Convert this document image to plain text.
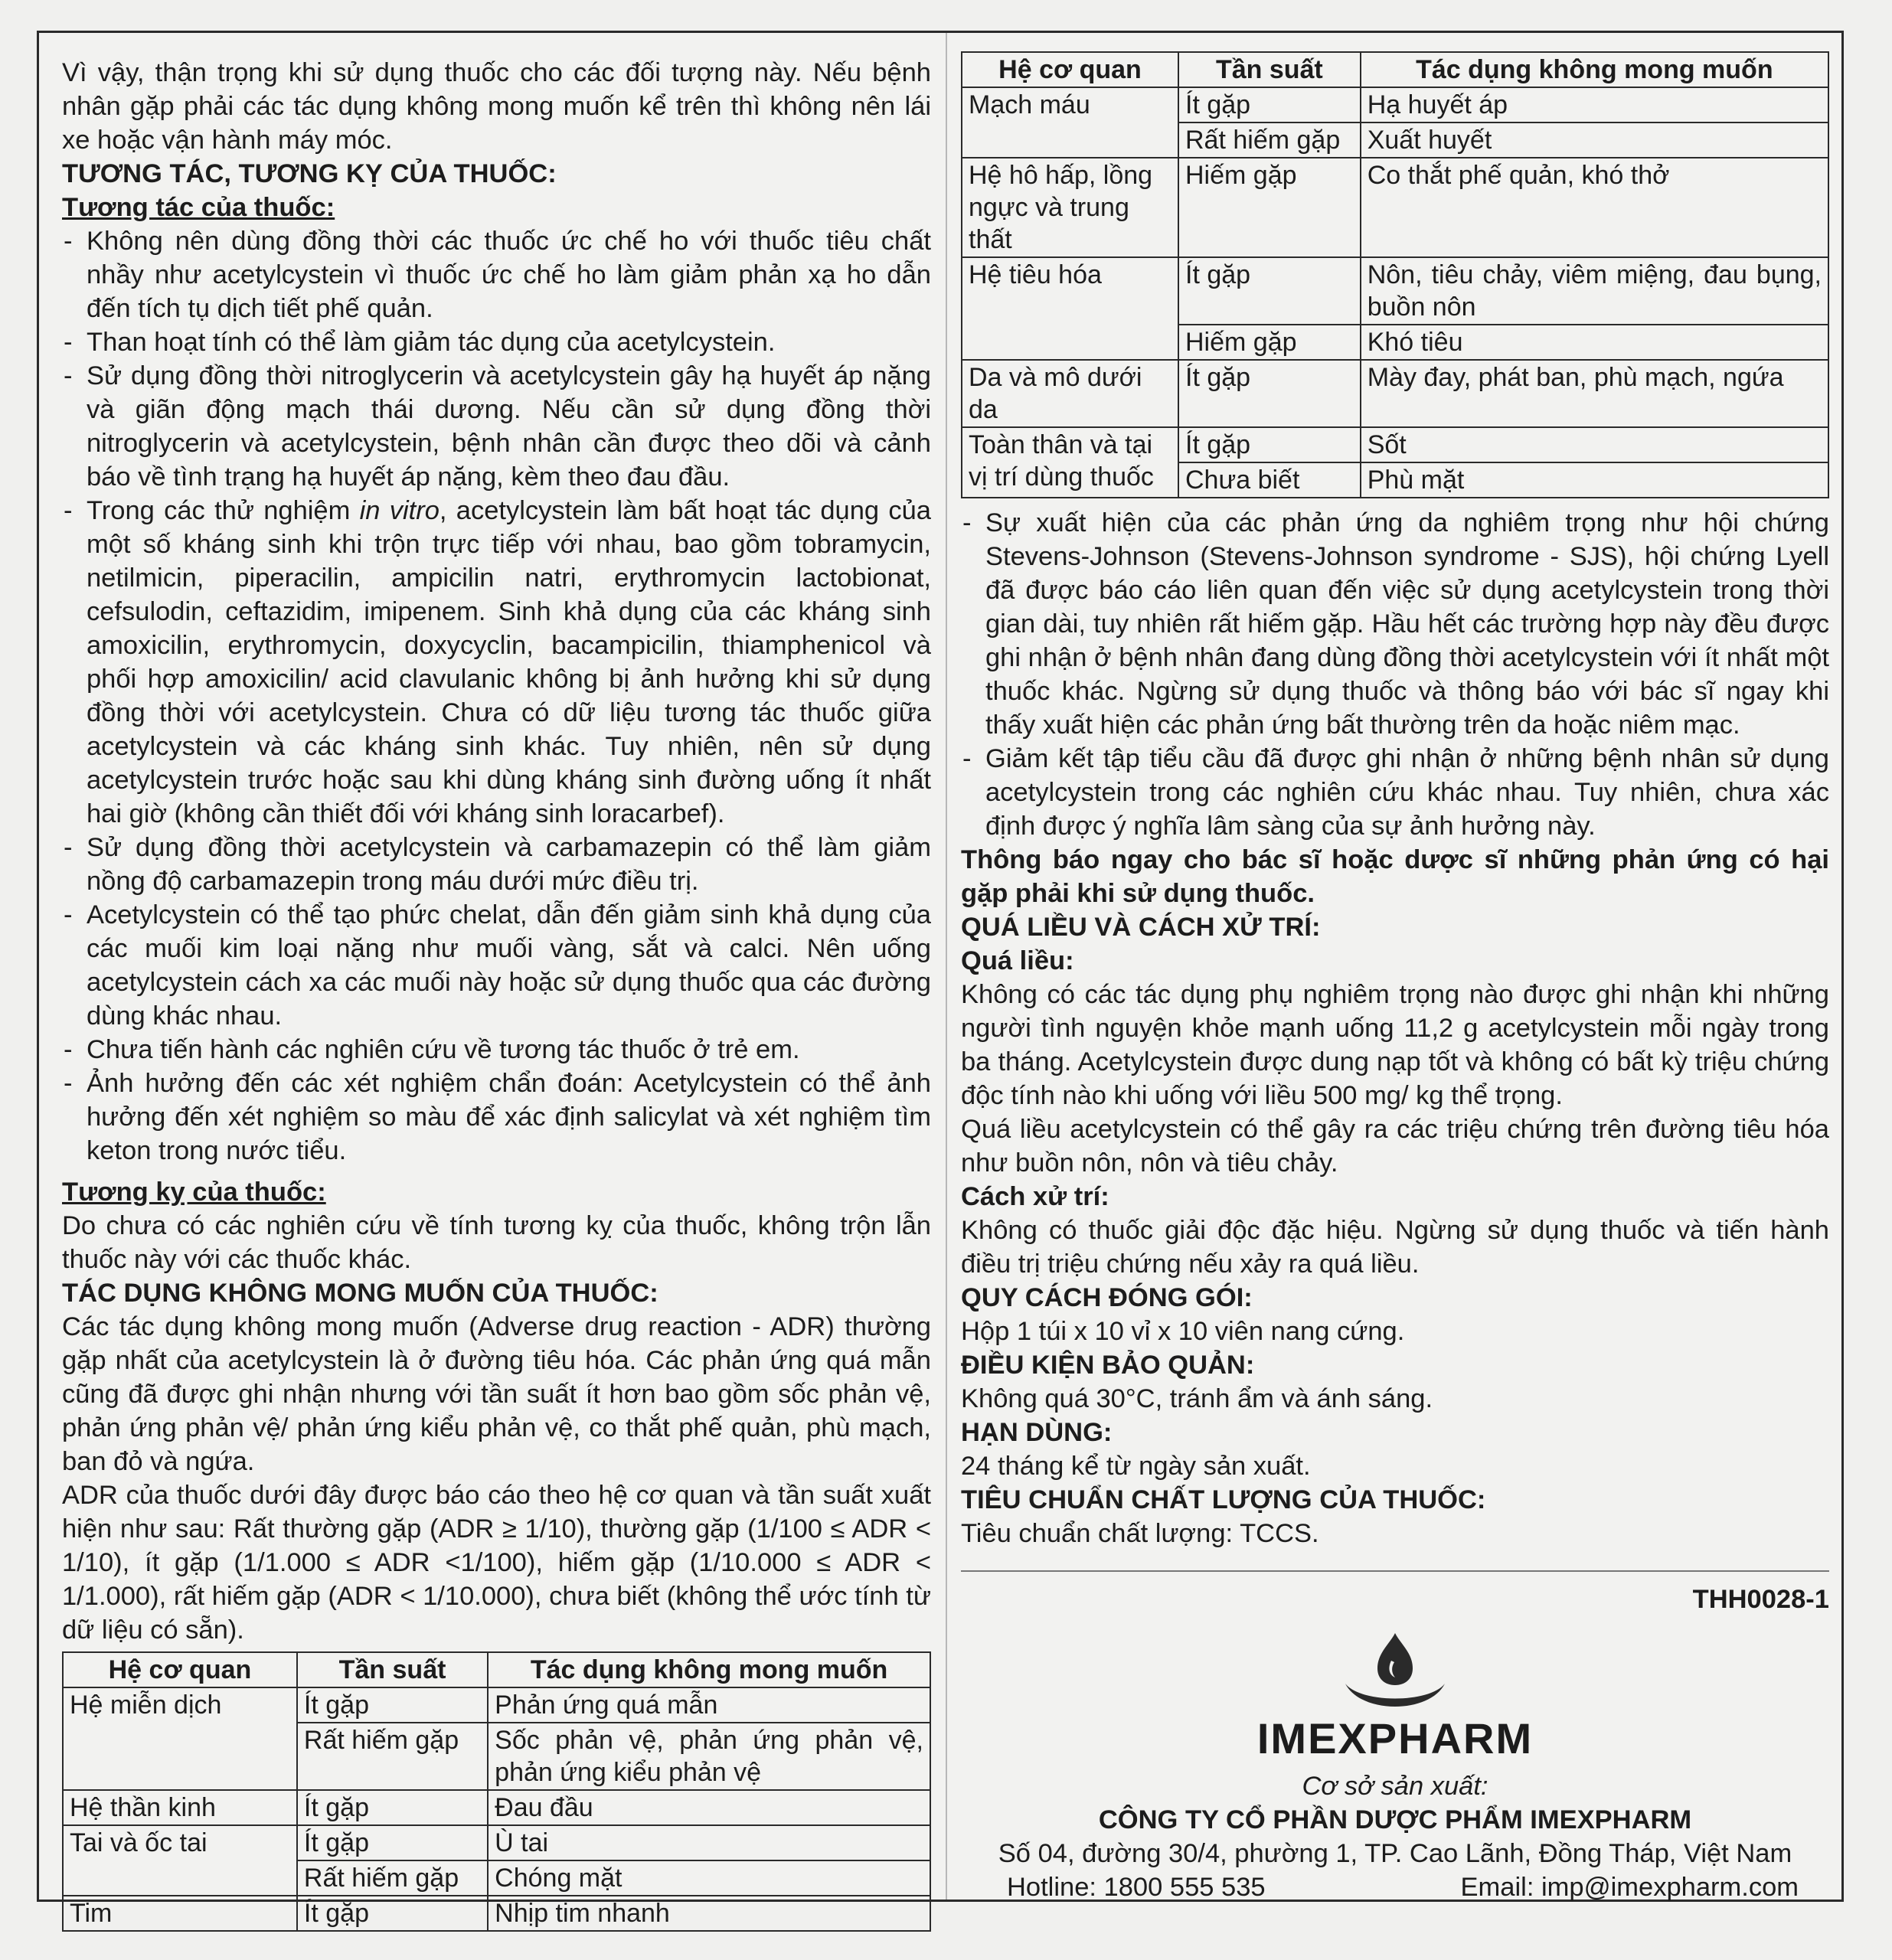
Vì vậy, thận trọng khi sử dụng thuốc cho các đối tượng này. Nếu bệnh nhân gặp phải các tác dụng không mong muốn kể trên thì không nên lái xe hoặc vận hành máy móc.

TƯƠNG TÁC, TƯƠNG KỴ CỦA THUỐC:

Tương tác của thuốc:

- Không nên dùng đồng thời các thuốc ức chế ho với thuốc tiêu chất nhầy như acetylcystein vì thuốc ức chế ho làm giảm phản xạ ho dẫn đến tích tụ dịch tiết phế quản.
- Than hoạt tính có thể làm giảm tác dụng của acetylcystein.
- Sử dụng đồng thời nitroglycerin và acetylcystein gây hạ huyết áp nặng và giãn động mạch thái dương. Nếu cần sử dụng đồng thời nitroglycerin và acetylcystein, bệnh nhân cần được theo dõi và cảnh báo về tình trạng hạ huyết áp nặng, kèm theo đau đầu.
- Trong các thử nghiệm in vitro, acetylcystein làm bất hoạt tác dụng của một số kháng sinh khi trộn trực tiếp với nhau, bao gồm tobramycin, netilmicin, piperacilin, ampicilin natri, erythromycin lactobionat, cefsulodin, ceftazidim, imipenem. Sinh khả dụng của các kháng sinh amoxicilin, erythromycin, doxycyclin, bacampicilin, thiamphenicol và phối hợp amoxicilin/ acid clavulanic không bị ảnh hưởng khi sử dụng đồng thời với acetylcystein. Chưa có dữ liệu tương tác thuốc giữa acetylcystein và các kháng sinh khác. Tuy nhiên, nên sử dụng acetylcystein trước hoặc sau khi dùng kháng sinh đường uống ít nhất hai giờ (không cần thiết đối với kháng sinh loracarbef).
- Sử dụng đồng thời acetylcystein và carbamazepin có thể làm giảm nồng độ carbamazepin trong máu dưới mức điều trị.
- Acetylcystein có thể tạo phức chelat, dẫn đến giảm sinh khả dụng của các muối kim loại nặng như muối vàng, sắt và calci. Nên uống acetylcystein cách xa các muối này hoặc sử dụng thuốc qua các đường dùng khác nhau.
- Chưa tiến hành các nghiên cứu về tương tác thuốc ở trẻ em.
- Ảnh hưởng đến các xét nghiệm chẩn đoán: Acetylcystein có thể ảnh hưởng đến xét nghiệm so màu để xác định salicylat và xét nghiệm tìm keton trong nước tiểu.

Tương kỵ của thuốc:

Do chưa có các nghiên cứu về tính tương kỵ của thuốc, không trộn lẫn thuốc này với các thuốc khác.

TÁC DỤNG KHÔNG MONG MUỐN CỦA THUỐC:

Các tác dụng không mong muốn (Adverse drug reaction - ADR) thường gặp nhất của acetylcystein là ở đường tiêu hóa. Các phản ứng quá mẫn cũng đã được ghi nhận nhưng với tần suất ít hơn bao gồm sốc phản vệ, phản ứng phản vệ/ phản ứng kiểu phản vệ, co thắt phế quản, phù mạch, ban đỏ và ngứa.

ADR của thuốc dưới đây được báo cáo theo hệ cơ quan và tần suất xuất hiện như sau: Rất thường gặp (ADR ≥ 1/10), thường gặp (1/100 ≤ ADR < 1/10), ít gặp (1/1.000 ≤ ADR <1/100), hiếm gặp (1/10.000 ≤ ADR < 1/1.000), rất hiếm gặp (ADR < 1/10.000), chưa biết (không thể ước tính từ dữ liệu có sẵn).

Hệ cơ quan	Tần suất	Tác dụng không mong muốn
Hệ miễn dịch	Ít gặp	Phản ứng quá mẫn
	Rất hiếm gặp	Sốc phản vệ, phản ứng phản vệ, phản ứng kiểu phản vệ
Hệ thần kinh	Ít gặp	Đau đầu
Tai và ốc tai	Ít gặp	Ù tai
	Rất hiếm gặp	Chóng mặt
Tim	Ít gặp	Nhịp tim nhanh
Hệ cơ quan	Tần suất	Tác dụng không mong muốn
Mạch máu	Ít gặp	Hạ huyết áp
	Rất hiếm gặp	Xuất huyết
Hệ hô hấp, lồng ngực và trung thất	Hiếm gặp	Co thắt phế quản, khó thở
Hệ tiêu hóa	Ít gặp	Nôn, tiêu chảy, viêm miệng, đau bụng, buồn nôn
	Hiếm gặp	Khó tiêu
Da và mô dưới da	Ít gặp	Mày đay, phát ban, phù mạch, ngứa
Toàn thân và tại vị trí dùng thuốc	Ít gặp	Sốt
	Chưa biết	Phù mặt
- Sự xuất hiện của các phản ứng da nghiêm trọng như hội chứng Stevens-Johnson (Stevens-Johnson syndrome - SJS), hội chứng Lyell đã được báo cáo liên quan đến việc sử dụng acetylcystein trong thời gian dài, tuy nhiên rất hiếm gặp. Hầu hết các trường hợp này đều được ghi nhận ở bệnh nhân đang dùng đồng thời acetylcystein với ít nhất một thuốc khác. Ngừng sử dụng thuốc và thông báo với bác sĩ ngay khi thấy xuất hiện các phản ứng bất thường trên da hoặc niêm mạc.
- Giảm kết tập tiểu cầu đã được ghi nhận ở những bệnh nhân sử dụng acetylcystein trong các nghiên cứu khác nhau. Tuy nhiên, chưa xác định được ý nghĩa lâm sàng của sự ảnh hưởng này.

Thông báo ngay cho bác sĩ hoặc dược sĩ những phản ứng có hại gặp phải khi sử dụng thuốc.

QUÁ LIỀU VÀ CÁCH XỬ TRÍ:

Quá liều:

Không có các tác dụng phụ nghiêm trọng nào được ghi nhận khi những người tình nguyện khỏe mạnh uống 11,2 g acetylcystein mỗi ngày trong ba tháng. Acetylcystein được dung nạp tốt và không có bất kỳ triệu chứng độc tính nào khi uống với liều 500 mg/ kg thể trọng.

Quá liều acetylcystein có thể gây ra các triệu chứng trên đường tiêu hóa như buồn nôn, nôn và tiêu chảy.

Cách xử trí:

Không có thuốc giải độc đặc hiệu. Ngừng sử dụng thuốc và tiến hành điều trị triệu chứng nếu xảy ra quá liều.

QUY CÁCH ĐÓNG GÓI:

Hộp 1 túi x 10 vỉ x 10 viên nang cứng.

ĐIỀU KIỆN BẢO QUẢN:

Không quá 30°C, tránh ẩm và ánh sáng.

HẠN DÙNG:

24 tháng kể từ ngày sản xuất.

TIÊU CHUẨN CHẤT LƯỢNG CỦA THUỐC:

Tiêu chuẩn chất lượng: TCCS.

THH0028-1

IMEXPHARM

Cơ sở sản xuất:

CÔNG TY CỔ PHẦN DƯỢC PHẨM IMEXPHARM

Số 04, đường 30/4, phường 1, TP. Cao Lãnh, Đồng Tháp, Việt Nam

Hotline: 1800 555 535	Email: imp@imexpharm.com
